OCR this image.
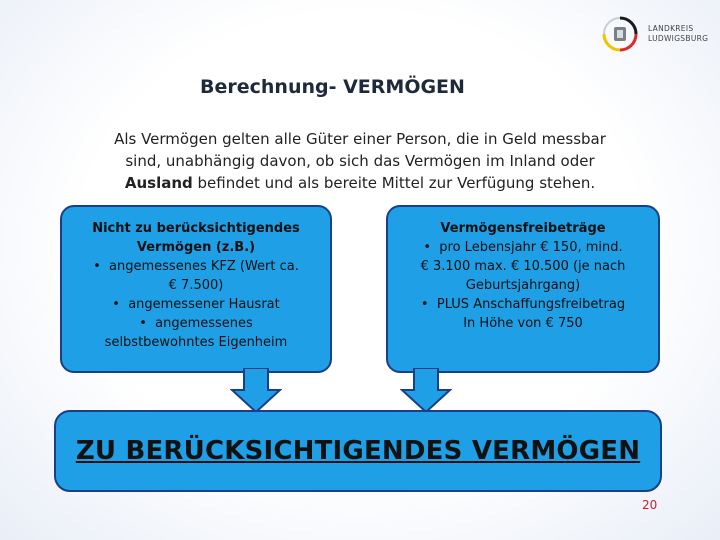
LANDKREIS
LUDWIGSBURG
Berechnung- VERMÖGEN
Als Vermögen gelten alle Güter einer Person, die in Geld messbar
sind, unabhängig davon, ob sich das Vermögen im Inland oder
Ausland befindet und als bereite Mittel zur Verfügung stehen.
Nicht zu berücksichtigendes
Vermögen (z.B.)
•  angemessenes KFZ (Wert ca.
€ 7.500)
•  angemessener Hausrat
•  angemessenes
selbstbewohntes Eigenheim
Vermögensfreibeträge
•  pro Lebensjahr € 150, mind.
€ 3.100 max. € 10.500 (je nach
Geburtsjahrgang)
•  PLUS Anschaffungsfreibetrag
In Höhe von € 750
ZU BERÜCKSICHTIGENDES VERMÖGEN
20
